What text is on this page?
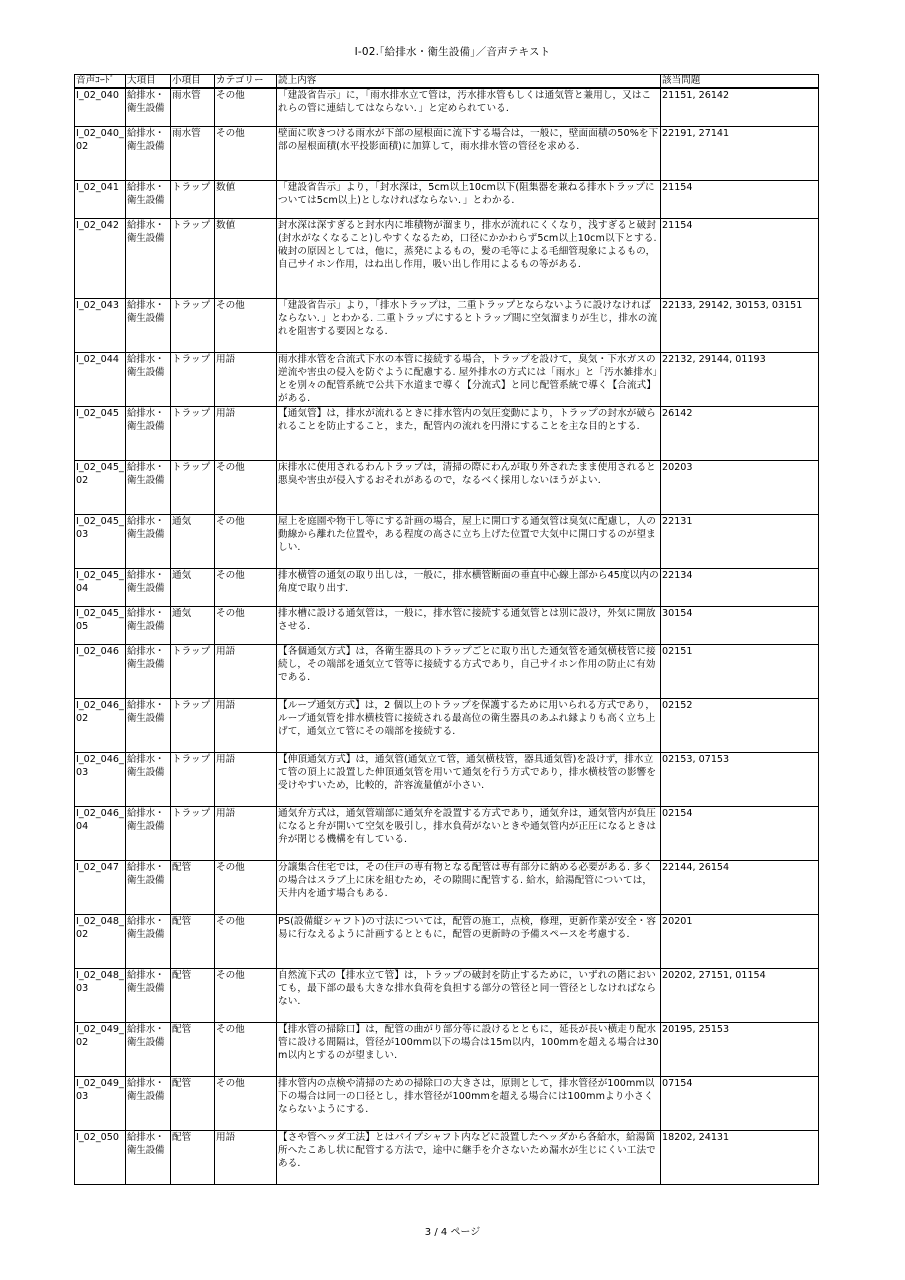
Ⅰ-02.｢給排水・衛生設備｣／音声テキスト
音声ｺｰﾄﾞ	大項目	小項目	カテゴリー	読上内容	該当問題
I_02_040	給排水・衛生設備	雨水管	その他	「建設省告示」に，「雨水排水立て管は，汚水排水管もしくは通気管と兼用し，又はこれらの管に連結してはならない．」と定められている．	21151, 26142
I_02_040_02	給排水・衛生設備	雨水管	その他	壁面に吹きつける雨水が下部の屋根面に流下する場合は，一般に，壁面面積の50%を下部の屋根面積(水平投影面積)に加算して，雨水排水管の管径を求める．	22191, 27141
I_02_041	給排水・衛生設備	トラップ	数値	「建設省告示」より，「封水深は，5cm以上10cm以下(阻集器を兼ねる排水トラップについては5cm以上)としなければならない．」とわかる．	21154
I_02_042	給排水・衛生設備	トラップ	数値	封水深は深すぎると封水内に堆積物が溜まり，排水が流れにくくなり，浅すぎると破封(封水がなくなること)しやすくなるため，口径にかかわらず5cm以上10cm以下とする. 破封の原因としては，他に，蒸発によるもの，髪の毛等による毛細管現象によるもの，自己サイホン作用，はね出し作用，吸い出し作用によるもの等がある．	21154
I_02_043	給排水・衛生設備	トラップ	その他	「建設省告示」より，「排水トラップは，二重トラップとならないように設けなければならない．」とわかる. 二重トラップにするとトラップ間に空気溜まりが生じ，排水の流れを阻害する要因となる．	22133, 29142, 30153, 03151
I_02_044	給排水・衛生設備	トラップ	用語	雨水排水管を合流式下水の本管に接続する場合，トラップを設けて，臭気・下水ガスの逆流や害虫の侵入を防ぐように配慮する. 屋外排水の方式には「雨水」と「汚水雑排水」とを別々の配管系統で公共下水道まで導く【分流式】と同じ配管系統で導く【合流式】がある．	22132, 29144, 01193
I_02_045	給排水・衛生設備	トラップ	用語	【通気管】は，排水が流れるときに排水管内の気圧変動により，トラップの封水が破られることを防止すること，また，配管内の流れを円滑にすることを主な目的とする．	26142
I_02_045_02	給排水・衛生設備	トラップ	その他	床排水に使用されるわんトラップは，清掃の際にわんが取り外されたまま使用されると悪臭や害虫が侵入するおそれがあるので，なるべく採用しないほうがよい．	20203
I_02_045_03	給排水・衛生設備	通気	その他	屋上を庭園や物干し等にする計画の場合，屋上に開口する通気管は臭気に配慮し，人の動線から離れた位置や，ある程度の高さに立ち上げた位置で大気中に開口するのが望ましい．	22131
I_02_045_04	給排水・衛生設備	通気	その他	排水横管の通気の取り出しは，一般に，排水横管断面の垂直中心線上部から45度以内の角度で取り出す．	22134
I_02_045_05	給排水・衛生設備	通気	その他	排水槽に設ける通気管は，一般に，排水管に接続する通気管とは別に設け，外気に開放させる．	30154
I_02_046	給排水・衛生設備	トラップ	用語	【各個通気方式】は，各衛生器具のトラップごとに取り出した通気管を通気横枝管に接続し，その端部を通気立て管等に接続する方式であり，自己サイホン作用の防止に有効である．	02151
I_02_046_02	給排水・衛生設備	トラップ	用語	【ループ通気方式】は，2 個以上のトラップを保護するために用いられる方式であり，ループ通気管を排水横枝管に接続される最高位の衛生器具のあふれ縁よりも高く立ち上げて，通気立て管にその端部を接続する．	02152
I_02_046_03	給排水・衛生設備	トラップ	用語	【伸頂通気方式】は，通気管(通気立て管，通気横枝管，器具通気管)を設けず，排水立て管の頂上に設置した伸頂通気管を用いて通気を行う方式であり，排水横枝管の影響を受けやすいため，比較的，許容流量値が小さい．	02153, 07153
I_02_046_04	給排水・衛生設備	トラップ	用語	通気弁方式は，通気管端部に通気弁を設置する方式であり，通気弁は，通気管内が負圧になると弁が開いて空気を吸引し，排水負荷がないときや通気管内が正圧になるときは弁が閉じる機構を有している．	02154
I_02_047	給排水・衛生設備	配管	その他	分譲集合住宅では，その住戸の専有物となる配管は専有部分に納める必要がある. 多くの場合はスラブ上に床を組むため，その隙間に配管する. 給水，給湯配管については，天井内を通す場合もある．	22144, 26154
I_02_048_02	給排水・衛生設備	配管	その他	PS(設備縦シャフト)の寸法については，配管の施工，点検，修理，更新作業が安全・容易に行なえるように計画するとともに，配管の更新時の予備スペースを考慮する．	20201
I_02_048_03	給排水・衛生設備	配管	その他	自然流下式の【排水立て管】は，トラップの破封を防止するために，いずれの階においても，最下部の最も大きな排水負荷を負担する部分の管径と同一管径としなければならない．	20202, 27151, 01154
I_02_049_02	給排水・衛生設備	配管	その他	【排水管の掃除口】は，配管の曲がり部分等に設けるとともに，延長が長い横走り配水管に設ける間隔は，管径が100mm以下の場合は15m以内，100mmを超える場合は30m以内とするのが望ましい．	20195, 25153
I_02_049_03	給排水・衛生設備	配管	その他	排水管内の点検や清掃のための掃除口の大きさは，原則として，排水管径が100mm以下の場合は同一の口径とし，排水管径が100mmを超える場合には100mmより小さくならないようにする．	07154
I_02_050	給排水・衛生設備	配管	用語	【さや管ヘッダ工法】とはパイプシャフト内などに設置したヘッダから各給水，給湯箇所へたこあし状に配管する方法で，途中に継手を介さないため漏水が生じにくい工法である．	18202, 24131
3 / 4 ページ
